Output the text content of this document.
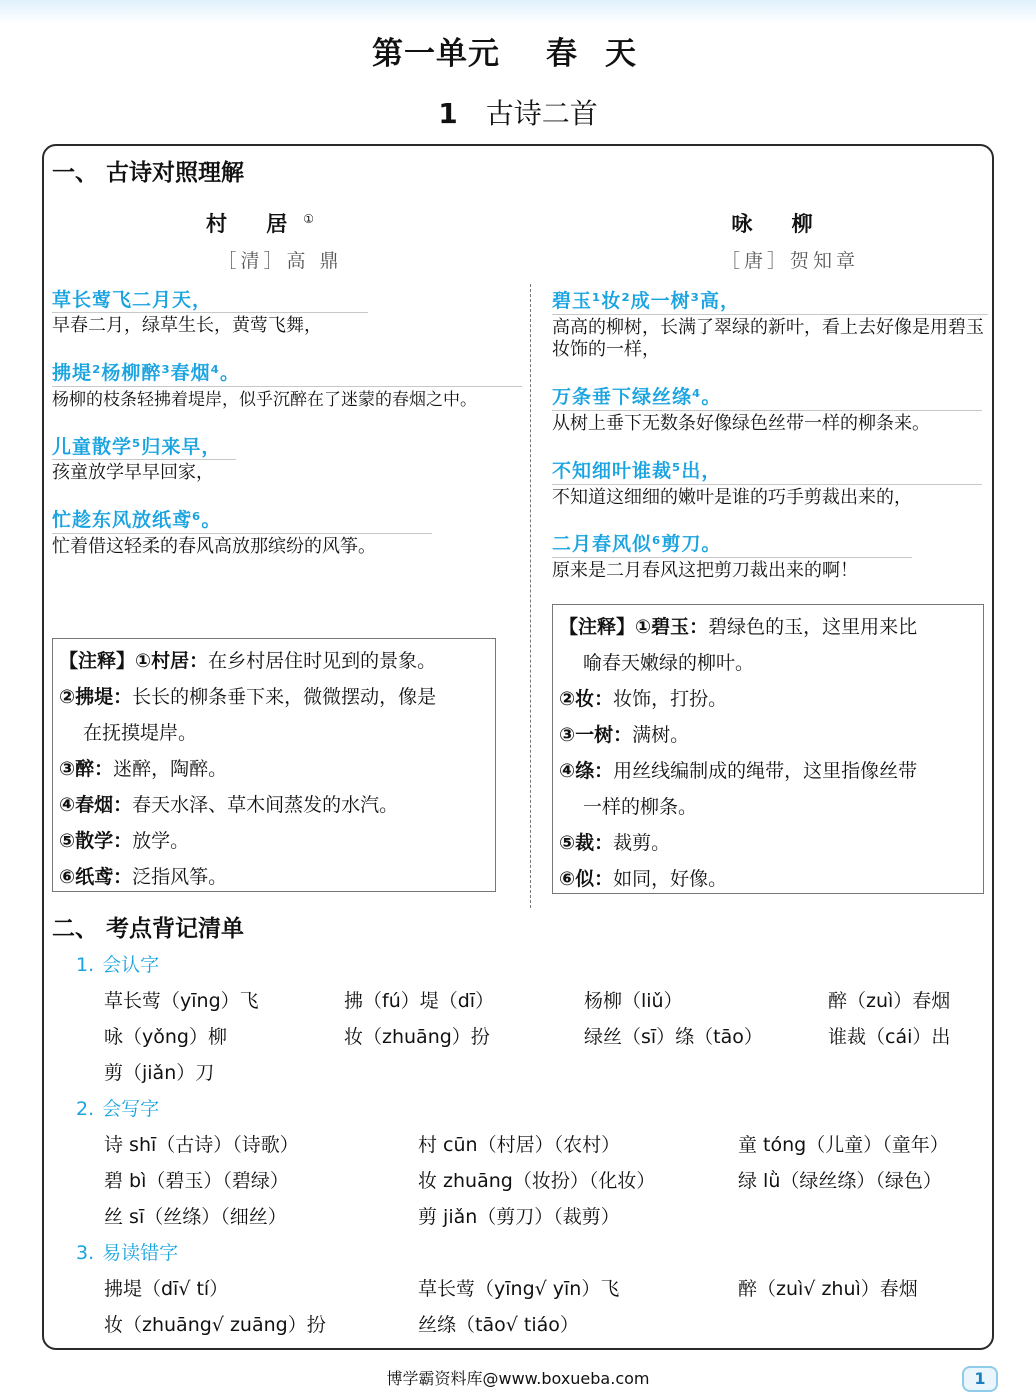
第一单元 春天
1 古诗二首
一、 古诗对照理解
村 居①
［清］高 鼎
草长莺飞二月天，
早春二月，绿草生长，黄莺飞舞，
拂堤²杨柳醉³春烟⁴。
杨柳的枝条轻拂着堤岸，似乎沉醉在了迷蒙的春烟之中。
儿童散学⁵归来早，
孩童放学早早回家，
忙趁东风放纸鸢⁶。
忙着借这轻柔的春风高放那缤纷的风筝。
【注释】①村居：在乡村居住时见到的景象。
②拂堤：长长的柳条垂下来，微微摆动，像是
在抚摸堤岸。
③醉：迷醉，陶醉。
④春烟：春天水泽、草木间蒸发的水汽。
⑤散学：放学。
⑥纸鸢：泛指风筝。
咏 柳
［唐］贺知章
碧玉¹妆²成一树³高，
高高的柳树，长满了翠绿的新叶，看上去好像是用碧玉妆饰的一样，
万条垂下绿丝绦⁴。
从树上垂下无数条好像绿色丝带一样的柳条来。
不知细叶谁裁⁵出，
不知道这细细的嫩叶是谁的巧手剪裁出来的，
二月春风似⁶剪刀。
原来是二月春风这把剪刀裁出来的啊！
【注释】①碧玉：碧绿色的玉，这里用来比
喻春天嫩绿的柳叶。
②妆：妆饰，打扮。
③一树：满树。
④绦：用丝线编制成的绳带，这里指像丝带
一样的柳条。
⑤裁：裁剪。
⑥似：如同，好像。
二、 考点背记清单
1. 会认字
草长莺（yīng）飞	拂（fú）堤（dī）	杨柳（liǔ）	醉（zuì）春烟
咏（yǒng）柳	妆（zhuāng）扮	绿丝（sī）绦（tāo）	谁裁（cái）出
剪（jiǎn）刀
2. 会写字
诗 shī（古诗）（诗歌）	村 cūn（村居）（农村）	童 tóng（儿童）（童年）
碧 bì（碧玉）（碧绿）	妆 zhuāng（妆扮）（化妆）	绿 lǜ（绿丝绦）（绿色）
丝 sī（丝绦）（细丝）	剪 jiǎn（剪刀）（裁剪）
3. 易读错字
拂堤（dī√ tí）	草长莺（yīng√ yīn）飞	醉（zuì√ zhuì）春烟
妆（zhuāng√ zuāng）扮	丝绦（tāo√ tiáo）
博学霸资料库@www.boxueba.com	1
